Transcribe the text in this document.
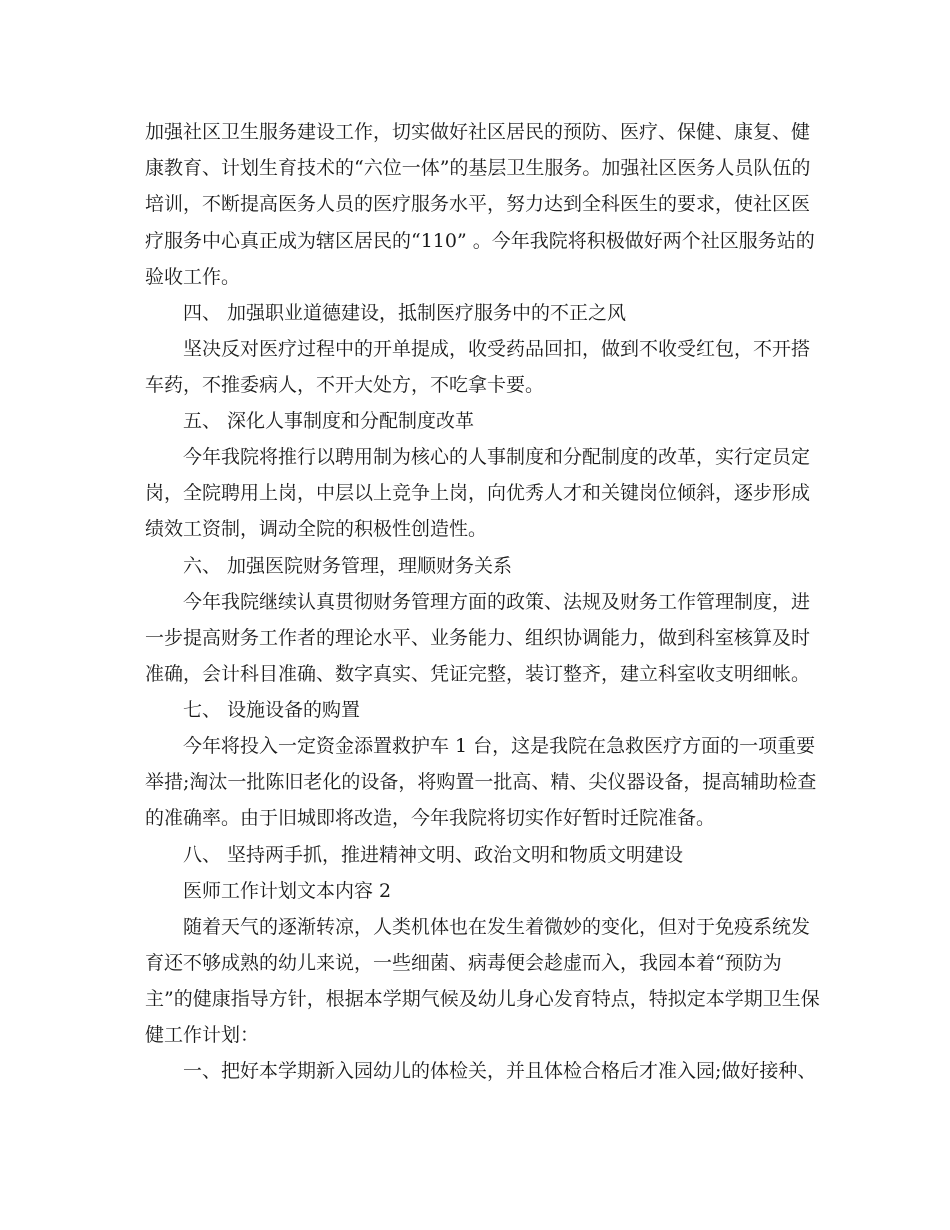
加强社区卫生服务建设工作，切实做好社区居民的预防、医疗、保健、康复、健

康教育、计划生育技术的“六位一体”的基层卫生服务。加强社区医务人员队伍的

培训，不断提高医务人员的医疗服务水平，努力达到全科医生的要求，使社区医

疗服务中心真正成为辖区居民的“110” 。今年我院将积极做好两个社区服务站的

验收工作。

四、 加强职业道德建设，抵制医疗服务中的不正之风

坚决反对医疗过程中的开单提成，收受药品回扣，做到不收受红包，不开搭

车药，不推委病人，不开大处方，不吃拿卡要。

五、 深化人事制度和分配制度改革

今年我院将推行以聘用制为核心的人事制度和分配制度的改革，实行定员定

岗，全院聘用上岗，中层以上竞争上岗，向优秀人才和关键岗位倾斜，逐步形成

绩效工资制，调动全院的积极性创造性。

六、 加强医院财务管理，理顺财务关系

今年我院继续认真贯彻财务管理方面的政策、法规及财务工作管理制度，进

一步提高财务工作者的理论水平、业务能力、组织协调能力，做到科室核算及时

准确，会计科目准确、数字真实、凭证完整，装订整齐，建立科室收支明细帐。

七、 设施设备的购置

今年将投入一定资金添置救护车 1 台，这是我院在急救医疗方面的一项重要

举措;淘汰一批陈旧老化的设备，将购置一批高、精、尖仪器设备，提高辅助检查

的准确率。由于旧城即将改造，今年我院将切实作好暂时迁院准备。

八、 坚持两手抓，推进精神文明、政治文明和物质文明建设

医师工作计划文本内容 2

随着天气的逐渐转凉，人类机体也在发生着微妙的变化，但对于免疫系统发

育还不够成熟的幼儿来说，一些细菌、病毒便会趁虚而入，我园本着“预防为

主”的健康指导方针，根据本学期气候及幼儿身心发育特点，特拟定本学期卫生保

健工作计划：

一、把好本学期新入园幼儿的体检关，并且体检合格后才准入园;做好接种、
